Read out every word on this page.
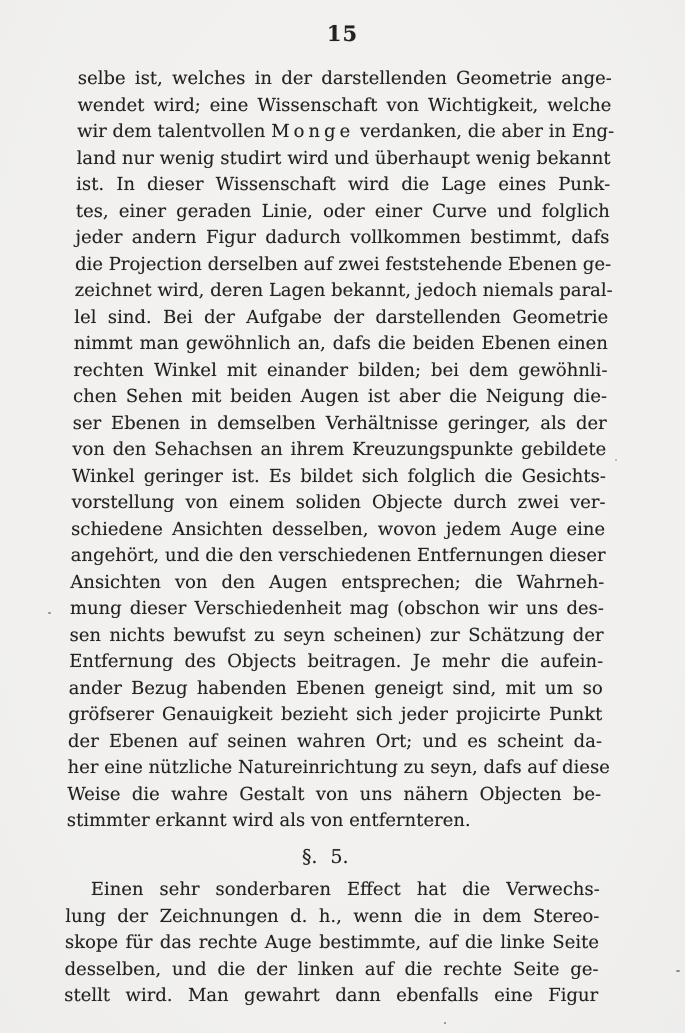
15
selbe ist, welches in der darstellenden Geometrie ange-
wendet wird; eine Wissenschaft von Wichtigkeit, welche
wir dem talentvollen Monge verdanken, die aber in Eng-
land nur wenig studirt wird und überhaupt wenig bekannt
ist. In dieser Wissenschaft wird die Lage eines Punk-
tes, einer geraden Linie, oder einer Curve und folglich
jeder andern Figur dadurch vollkommen bestimmt, dafs
die Projection derselben auf zwei feststehende Ebenen ge-
zeichnet wird, deren Lagen bekannt, jedoch niemals paral-
lel sind. Bei der Aufgabe der darstellenden Geometrie
nimmt man gewöhnlich an, dafs die beiden Ebenen einen
rechten Winkel mit einander bilden; bei dem gewöhnli-
chen Sehen mit beiden Augen ist aber die Neigung die-
ser Ebenen in demselben Verhältnisse geringer, als der
von den Sehachsen an ihrem Kreuzungspunkte gebildete
Winkel geringer ist. Es bildet sich folglich die Gesichts-
vorstellung von einem soliden Objecte durch zwei ver-
schiedene Ansichten desselben, wovon jedem Auge eine
angehört, und die den verschiedenen Entfernungen dieser
Ansichten von den Augen entsprechen; die Wahrneh-
mung dieser Verschiedenheit mag (obschon wir uns des-
sen nichts bewufst zu seyn scheinen) zur Schätzung der
Entfernung des Objects beitragen. Je mehr die aufein-
ander Bezug habenden Ebenen geneigt sind, mit um so
gröfserer Genauigkeit bezieht sich jeder projicirte Punkt
der Ebenen auf seinen wahren Ort; und es scheint da-
her eine nützliche Natureinrichtung zu seyn, dafs auf diese
Weise die wahre Gestalt von uns nähern Objecten be-
stimmter erkannt wird als von entfernteren.
§. 5.
Einen sehr sonderbaren Effect hat die Verwechs-
lung der Zeichnungen d. h., wenn die in dem Stereo-
skope für das rechte Auge bestimmte, auf die linke Seite
desselben, und die der linken auf die rechte Seite ge-
stellt wird. Man gewahrt dann ebenfalls eine Figur
